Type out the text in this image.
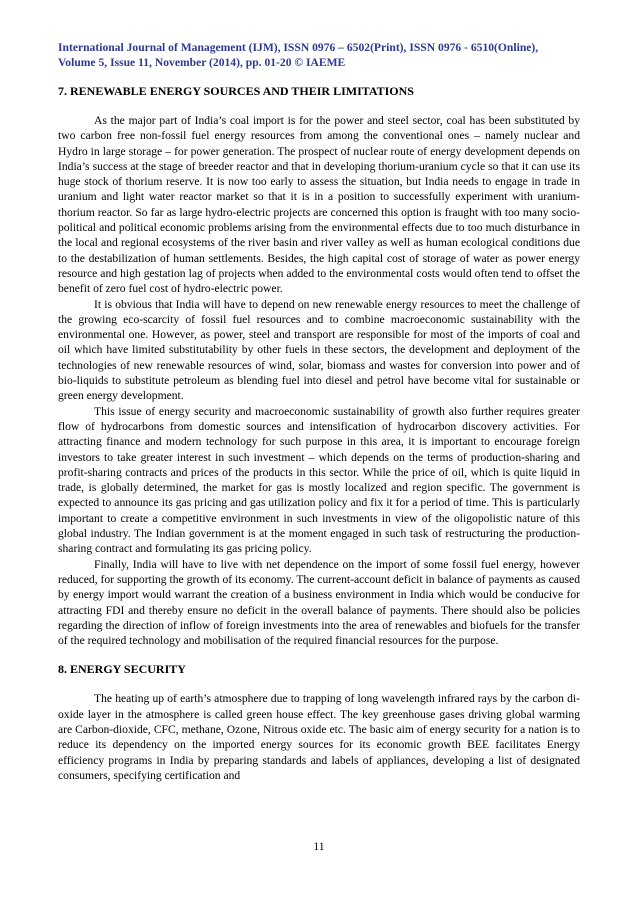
International Journal of Management (IJM), ISSN 0976 – 6502(Print), ISSN 0976 - 6510(Online),
Volume 5, Issue 11, November (2014), pp. 01-20 © IAEME
7. RENEWABLE ENERGY SOURCES AND THEIR LIMITATIONS

As the major part of India’s coal import is for the power and steel sector, coal has been substituted by two carbon free non-fossil fuel energy resources from among the conventional ones – namely nuclear and Hydro in large storage – for power generation. The prospect of nuclear route of energy development depends on India’s success at the stage of breeder reactor and that in developing thorium-uranium cycle so that it can use its huge stock of thorium reserve. It is now too early to assess the situation, but India needs to engage in trade in uranium and light water reactor market so that it is in a position to successfully experiment with uranium-thorium reactor. So far as large hydro-electric projects are concerned this option is fraught with too many socio-political and political economic problems arising from the environmental effects due to too much disturbance in the local and regional ecosystems of the river basin and river valley as well as human ecological conditions due to the destabilization of human settlements. Besides, the high capital cost of storage of water as power energy resource and high gestation lag of projects when added to the environmental costs would often tend to offset the benefit of zero fuel cost of hydro-electric power.

It is obvious that India will have to depend on new renewable energy resources to meet the challenge of the growing eco-scarcity of fossil fuel resources and to combine macroeconomic sustainability with the environmental one. However, as power, steel and transport are responsible for most of the imports of coal and oil which have limited substitutability by other fuels in these sectors, the development and deployment of the technologies of new renewable resources of wind, solar, biomass and wastes for conversion into power and of bio-liquids to substitute petroleum as blending fuel into diesel and petrol have become vital for sustainable or green energy development.

This issue of energy security and macroeconomic sustainability of growth also further requires greater flow of hydrocarbons from domestic sources and intensification of hydrocarbon discovery activities. For attracting finance and modern technology for such purpose in this area, it is important to encourage foreign investors to take greater interest in such investment – which depends on the terms of production-sharing and profit-sharing contracts and prices of the products in this sector. While the price of oil, which is quite liquid in trade, is globally determined, the market for gas is mostly localized and region specific. The government is expected to announce its gas pricing and gas utilization policy and fix it for a period of time. This is particularly important to create a competitive environment in such investments in view of the oligopolistic nature of this global industry. The Indian government is at the moment engaged in such task of restructuring the production-sharing contract and formulating its gas pricing policy.

Finally, India will have to live with net dependence on the import of some fossil fuel energy, however reduced, for supporting the growth of its economy. The current-account deficit in balance of payments as caused by energy import would warrant the creation of a business environment in India which would be conducive for attracting FDI and thereby ensure no deficit in the overall balance of payments. There should also be policies regarding the direction of inflow of foreign investments into the area of renewables and biofuels for the transfer of the required technology and mobilisation of the required financial resources for the purpose.

8. ENERGY SECURITY

The heating up of earth’s atmosphere due to trapping of long wavelength infrared rays by the carbon di- oxide layer in the atmosphere is called green house effect. The key greenhouse gases driving global warming are Carbon-dioxide, CFC, methane, Ozone, Nitrous oxide etc. The basic aim of energy security for a nation is to reduce its dependency on the imported energy sources for its economic growth BEE facilitates Energy efficiency programs in India by preparing standards and labels of appliances, developing a list of designated consumers, specifying certification and

11
